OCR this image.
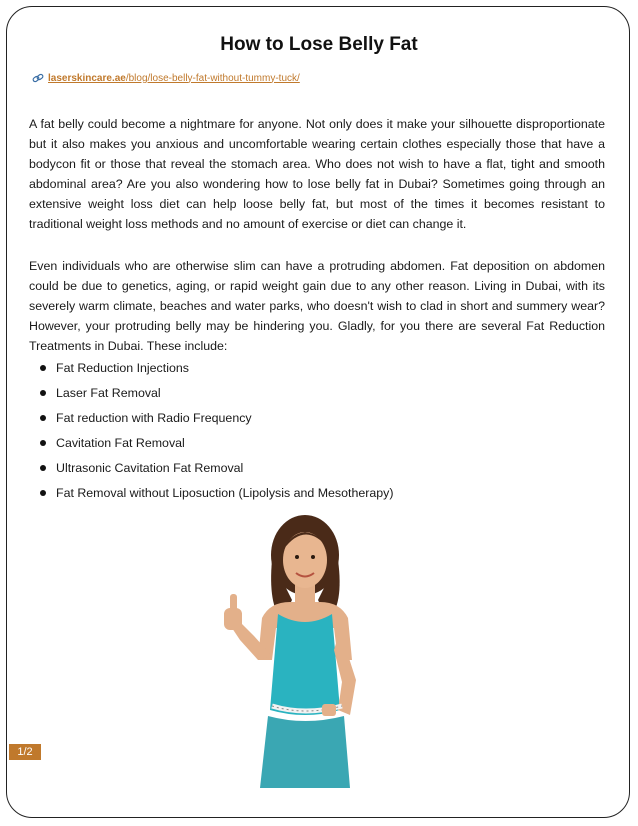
How to Lose Belly Fat
laserskincare.ae /blog/lose-belly-fat-without-tummy-tuck/

A fat belly could become a nightmare for anyone. Not only does it make your silhouette disproportionate but it also makes you anxious and uncomfortable wearing certain clothes especially those that have a bodycon fit or those that reveal the stomach area. Who does not wish to have a flat, tight and smooth abdominal area? Are you also wondering how to lose belly fat in Dubai? Sometimes going through an extensive weight loss diet can help loose belly fat, but most of the times it becomes resistant to traditional weight loss methods and no amount of exercise or diet can change it.

Even individuals who are otherwise slim can have a protruding abdomen. Fat deposition on abdomen could be due to genetics, aging, or rapid weight gain due to any other reason. Living in Dubai, with its severely warm climate, beaches and water parks, who doesn't wish to clad in short and summery wear? However, your protruding belly may be hindering you. Gladly, for you there are several Fat Reduction Treatments in Dubai. These include:

Fat Reduction Injections
Laser Fat Removal
Fat reduction with Radio Frequency
Cavitation Fat Removal
Ultrasonic Cavitation Fat Removal
Fat Removal without Liposuction (Lipolysis and Mesotherapy)
1/2
